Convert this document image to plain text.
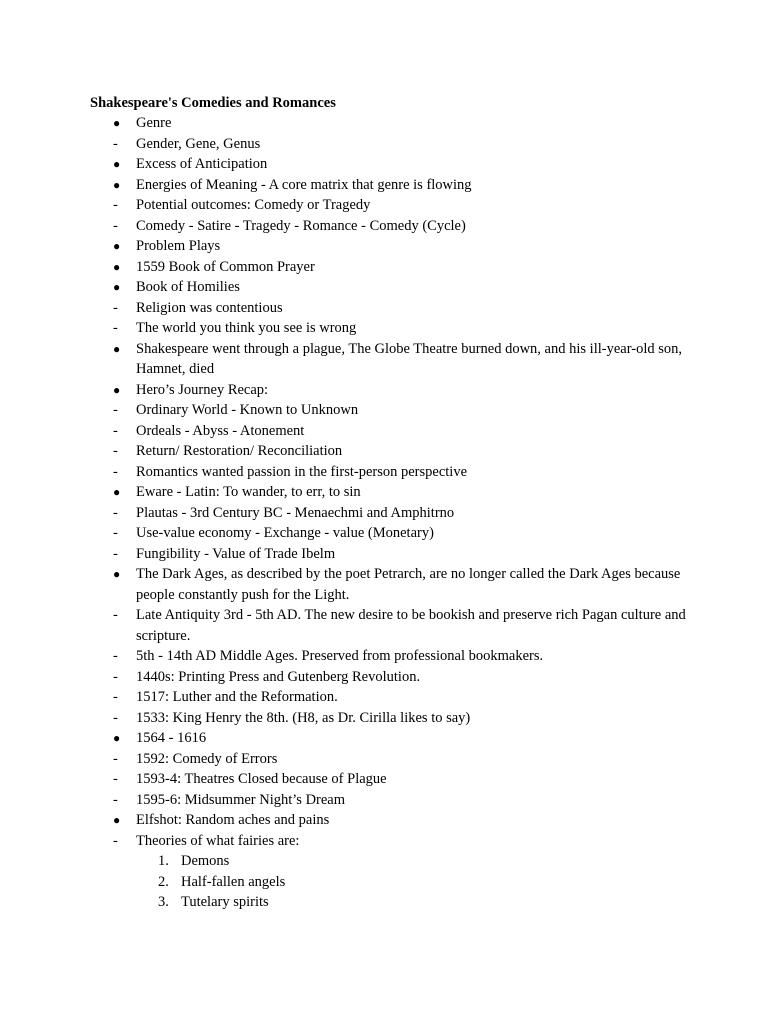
Shakespeare's Comedies and Romances
●	Genre
-	Gender, Gene, Genus
●	Excess of Anticipation
●	Energies of Meaning - A core matrix that genre is flowing
-	Potential outcomes: Comedy or Tragedy
-	Comedy - Satire - Tragedy - Romance - Comedy (Cycle)
●	Problem Plays
●	1559 Book of Common Prayer
●	Book of Homilies
-	Religion was contentious
-	The world you think you see is wrong
●	Shakespeare went through a plague, The Globe Theatre burned down, and his ill-year-old son, Hamnet, died
●	Hero’s Journey Recap:
-	Ordinary World - Known to Unknown
-	Ordeals - Abyss - Atonement
-	Return/ Restoration/ Reconciliation
-	Romantics wanted passion in the first-person perspective
●	Eware - Latin: To wander, to err, to sin
-	Plautas - 3rd Century BC - Menaechmi and Amphitrno
-	Use-value economy - Exchange - value (Monetary)
-	Fungibility - Value of Trade Ibelm
●	The Dark Ages, as described by the poet Petrarch, are no longer called the Dark Ages because people constantly push for the Light.
-	Late Antiquity 3rd - 5th AD. The new desire to be bookish and preserve rich Pagan culture and scripture.
-	5th - 14th AD Middle Ages. Preserved from professional bookmakers.
-	1440s: Printing Press and Gutenberg Revolution.
-	1517: Luther and the Reformation.
-	1533: King Henry the 8th. (H8, as Dr. Cirilla likes to say)
●	1564 - 1616
-	1592: Comedy of Errors
-	1593-4: Theatres Closed because of Plague
-	1595-6: Midsummer Night’s Dream
●	Elfshot: Random aches and pains
-	Theories of what fairies are:
1. Demons
2. Half-fallen angels
3. Tutelary spirits
